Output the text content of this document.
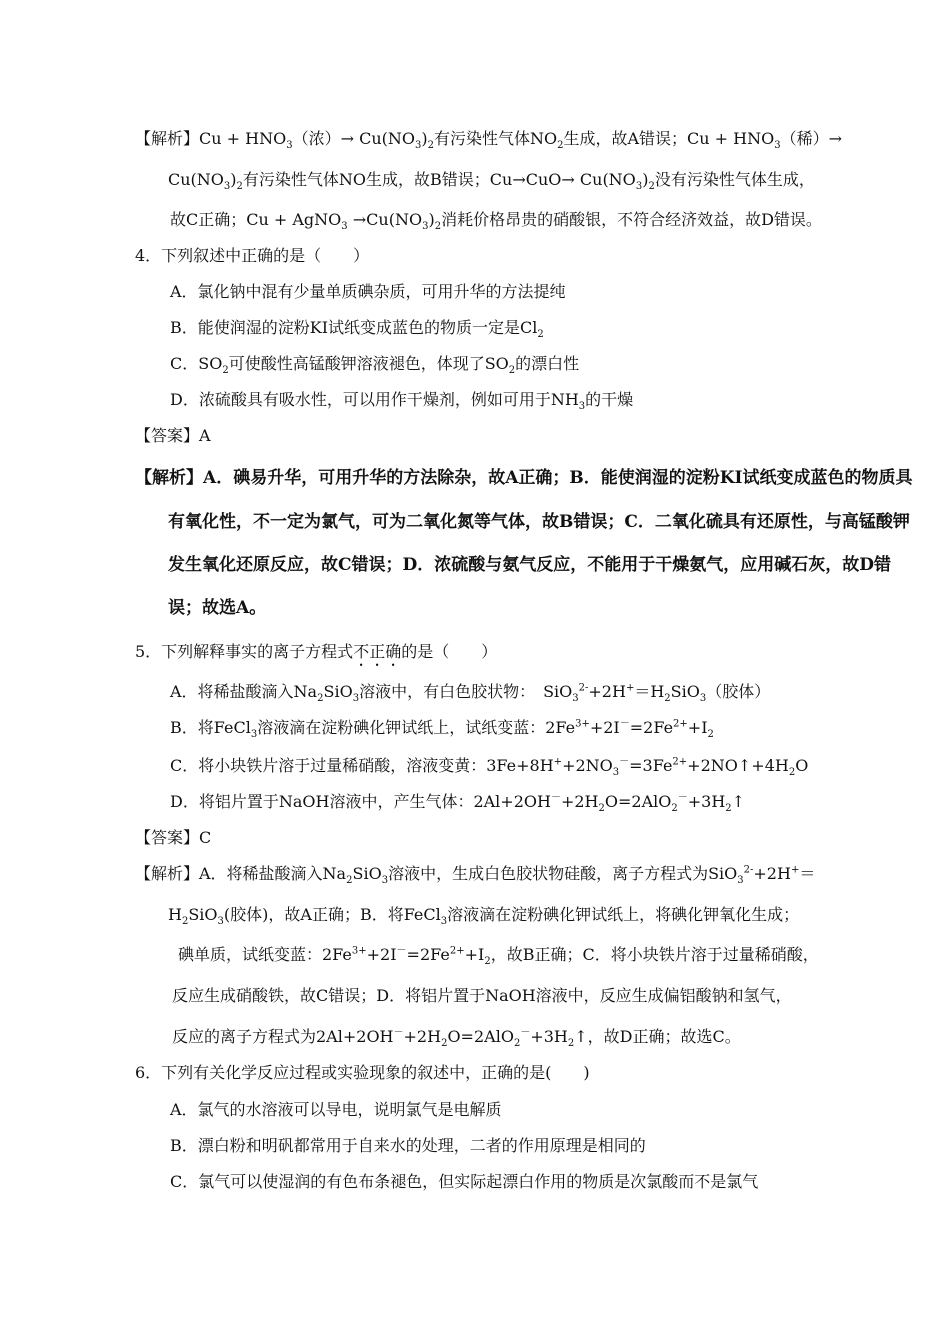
【解析】$Cu + HNO_3$（浓）→ $Cu(NO_3)_2$有污染性气体$NO_2$生成，故A错误；$Cu + HNO_3$（稀）→
$Cu(NO_3)_2$有污染性气体NO生成，故B错误；$Cu\to CuO\to Cu(NO_3)_2$没有污染性气体生成，
故C正确；Cu + AgNO$_3$ $\to Cu(NO_3)_2$消耗价格昂贵的硝酸银，不符合经济效益，故D错误。
4．下列叙述中正确的是（　　）
A．氯化钠中混有少量单质碘杂质，可用升华的方法提纯
B．能使润湿的淀粉KI试纸变成蓝色的物质一定是$Cl_2$
C．$SO_2$可使酸性高锰酸钾溶液褪色，体现了$SO_2$的漂白性
D．浓硫酸具有吸水性，可以用作干燥剂，例如可用于$NH_3$的干燥
【答案】A
【解析】A．碘易升华，可用升华的方法除杂，故A正确；B．能使润湿的淀粉KI试纸变成蓝色的物质具
有氧化性，不一定为氯气，可为二氧化氮等气体，故B错误；C．二氧化硫具有还原性，与高锰酸钾
发生氧化还原反应，故C错误；D．浓硫酸与氨气反应，不能用于干燥氨气，应用碱石灰，故D错
误；故选A。
5．下列解释事实的离子方程式不正确的是（　　）
A．将稀盐酸滴入$Na_2SiO_3$溶液中，有白色胶状物：　$SiO_3^{2-}+2H^+=H_2SiO_3$（胶体）
B．将FeCl$_3$溶液滴在淀粉碘化钾试纸上，试纸变蓝：$2Fe^{3+}+2I^-=2Fe^{2+}+I_2$
C．将小块铁片溶于过量稀硝酸，溶液变黄：$3Fe+8H^++2NO_3^-=3Fe^{2+}+2NO↑+4H_2O$
D．将铝片置于NaOH溶液中，产生气体：$2Al+2OH^-+2H_2O=2AlO_2^-+3H_2↑$
【答案】C
【解析】A．将稀盐酸滴入$Na_2SiO_3$溶液中，生成白色胶状物硅酸，离子方程式为SiO$_3^{2-}$+2H+＝
$H_2SiO_3$(胶体)，故A正确；B．将FeCl$_3$溶液滴在淀粉碘化钾试纸上，将碘化钾氧化生成；
碘单质，试纸变蓝：$2Fe^{3+}+2I^-=2Fe^{2+}+I_2$，故B正确；C．将小块铁片溶于过量稀硝酸，
反应生成硝酸铁，故C错误；D．将铝片置于NaOH溶液中，反应生成偏铝酸钠和氢气，
反应的离子方程式为$2Al+2OH^-+2H_2O=2AlO_2^-+3H_2↑$，故D正确；故选C。
6．下列有关化学反应过程或实验现象的叙述中，正确的是(　　)
A．氯气的水溶液可以导电，说明氯气是电解质
B．漂白粉和明矾都常用于自来水的处理，二者的作用原理是相同的
C．氯气可以使湿润的有色布条褪色，但实际起漂白作用的物质是次氯酸而不是氯气
